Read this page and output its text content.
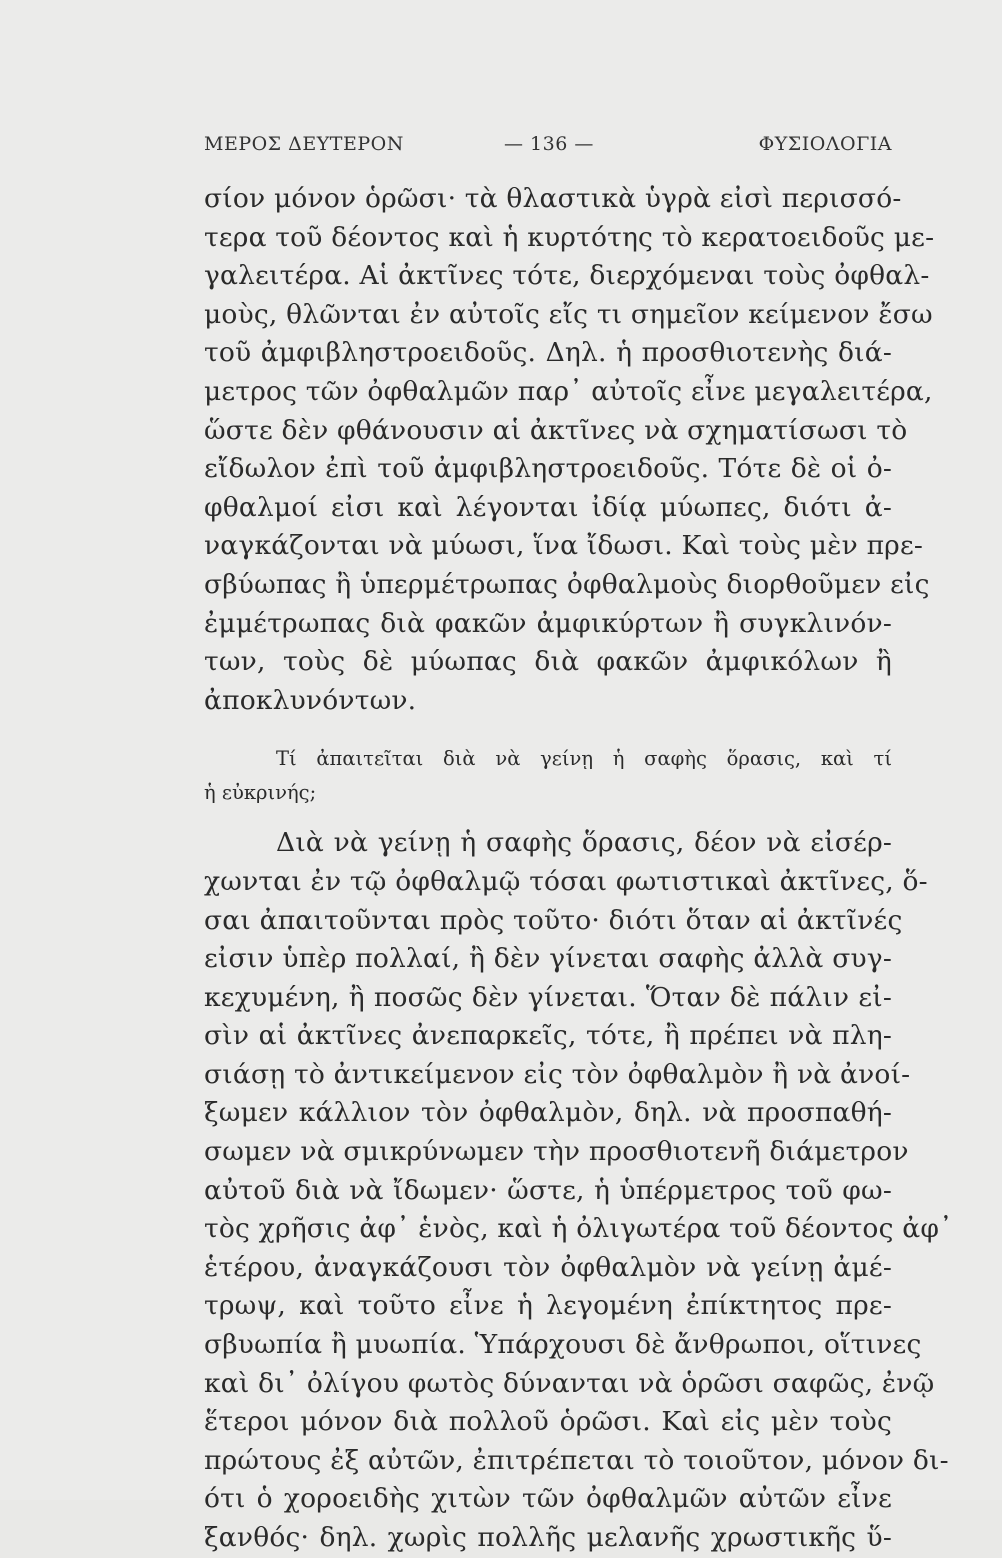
ΜΕΡΟΣ ΔΕΥΤΕΡΟΝ	— 136 —	ΦΥΣΙΟΛΟΓΙΑ
σίον μόνον ὁρῶσι· τὰ θλαστικὰ ὑγρὰ εἰσὶ περισσό-
τερα τοῦ δέοντος καὶ ἡ κυρτότης τὸ κερατοειδοῦς με-
γαλειτέρα. Αἱ ἀκτῖνες τότε, διερχόμεναι τοὺς ὀφθαλ-
μοὺς, θλῶνται ἐν αὐτοῖς εἴς τι σημεῖον κείμενον ἔσω
τοῦ ἀμφιβληστροειδοῦς. Δηλ. ἡ προσθιοτενὴς διά-
μετρος τῶν ὀφθαλμῶν παρ᾽ αὐτοῖς εἶνε μεγαλειτέρα,
ὥστε δὲν φθάνουσιν αἱ ἀκτῖνες νὰ σχηματίσωσι τὸ
εἴδωλον ἐπὶ τοῦ ἀμφιβληστροειδοῦς. Τότε δὲ οἱ ὀ-
φθαλμοί εἰσι καὶ λέγονται ἰδίᾳ μύωπες, διότι ἀ-
ναγκάζονται νὰ μύωσι, ἵνα ἴδωσι. Καὶ τοὺς μὲν πρε-
σβύωπας ἢ ὑπερμέτρωπας ὀφθαλμοὺς διορθοῦμεν εἰς
ἐμμέτρωπας διὰ φακῶν ἀμφικύρτων ἢ συγκλινόν-
των, τοὺς δὲ μύωπας διὰ φακῶν ἀμφικόλων ἢ
ἀποκλυνόντων.
Τί ἀπαιτεῖται διὰ νὰ γείνῃ ἡ σαφὴς ὅρασις, καὶ τί
ἡ εὐκρινής;
Διὰ νὰ γείνῃ ἡ σαφὴς ὅρασις, δέον νὰ εἰσέρ-
χωνται ἐν τῷ ὀφθαλμῷ τόσαι φωτιστικαὶ ἀκτῖνες, ὅ-
σαι ἀπαιτοῦνται πρὸς τοῦτο· διότι ὅταν αἱ ἀκτῖνές
εἰσιν ὑπὲρ πολλαί, ἢ δὲν γίνεται σαφὴς ἀλλὰ συγ-
κεχυμένη, ἢ ποσῶς δὲν γίνεται. Ὅταν δὲ πάλιν εἰ-
σὶν αἱ ἀκτῖνες ἀνεπαρκεῖς, τότε, ἢ πρέπει νὰ πλη-
σιάσῃ τὸ ἀντικείμενον εἰς τὸν ὀφθαλμὸν ἢ νὰ ἀνοί-
ξωμεν κάλλιον τὸν ὀφθαλμὸν, δηλ. νὰ προσπαθή-
σωμεν νὰ σμικρύνωμεν τὴν προσθιοτενῆ διάμετρον
αὐτοῦ διὰ νὰ ἴδωμεν· ὥστε, ἡ ὑπέρμετρος τοῦ φω-
τὸς χρῆσις ἀφ᾽ ἑνὸς, καὶ ἡ ὀλιγωτέρα τοῦ δέοντος ἀφ᾽
ἑτέρου, ἀναγκάζουσι τὸν ὀφθαλμὸν νὰ γείνῃ ἀμέ-
τρωψ, καὶ τοῦτο εἶνε ἡ λεγομένη ἐπίκτητος πρε-
σβυωπία ἢ μυωπία. Ὑπάρχουσι δὲ ἄνθρωποι, οἵτινες
καὶ δι᾽ ὀλίγου φωτὸς δύνανται νὰ ὁρῶσι σαφῶς, ἐνῷ
ἕτεροι μόνον διὰ πολλοῦ ὁρῶσι. Καὶ εἰς μὲν τοὺς
πρώτους ἐξ αὐτῶν, ἐπιτρέπεται τὸ τοιοῦτον, μόνον δι-
ότι ὁ χοροειδὴς χιτὼν τῶν ὀφθαλμῶν αὐτῶν εἶνε
ξανθός· δηλ. χωρὶς πολλῆς μελανῆς χρωστικῆς ὕ-
